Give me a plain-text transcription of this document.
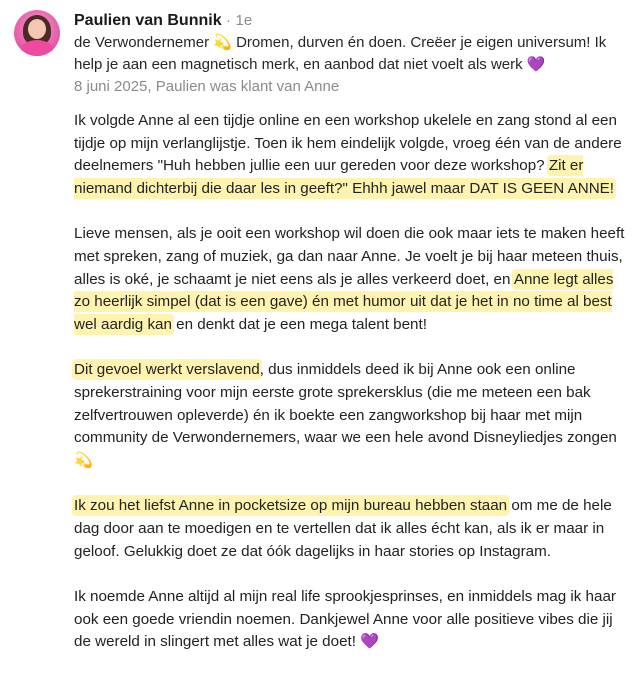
Paulien van Bunnik · 1e
de Verwondernemer 💫 Dromen, durven én doen. Creëer je eigen universum! Ik help je aan een magnetisch merk, en aanbod dat niet voelt als werk 💜
8 juni 2025, Paulien was klant van Anne

Ik volgde Anne al een tijdje online en een workshop ukelele en zang stond al een tijdje op mijn verlanglijstje. Toen ik hem eindelijk volgde, vroeg één van de andere deelnemers "Huh hebben jullie een uur gereden voor deze workshop? Zit er niemand dichterbij die daar les in geeft?" Ehhh jawel maar DAT IS GEEN ANNE!

Lieve mensen, als je ooit een workshop wil doen die ook maar iets te maken heeft met spreken, zang of muziek, ga dan naar Anne. Je voelt je bij haar meteen thuis, alles is oké, je schaamt je niet eens als je alles verkeerd doet, en Anne legt alles zo heerlijk simpel (dat is een gave) én met humor uit dat je het in no time al best wel aardig kan en denkt dat je een mega talent bent!

Dit gevoel werkt verslavend, dus inmiddels deed ik bij Anne ook een online sprekerstraining voor mijn eerste grote sprekersklus (die me meteen een bak zelfvertrouwen opleverde) én ik boekte een zangworkshop bij haar met mijn community de Verwondernemers, waar we een hele avond Disneyliedjes zongen 💫

Ik zou het liefst Anne in pocketsize op mijn bureau hebben staan om me de hele dag door aan te moedigen en te vertellen dat ik alles écht kan, als ik er maar in geloof. Gelukkig doet ze dat óók dagelijks in haar stories op Instagram.

Ik noemde Anne altijd al mijn real life sprookjesprinses, en inmiddels mag ik haar ook een goede vriendin noemen. Dankjewel Anne voor alle positieve vibes die jij de wereld in slingert met alles wat je doet! 💜
